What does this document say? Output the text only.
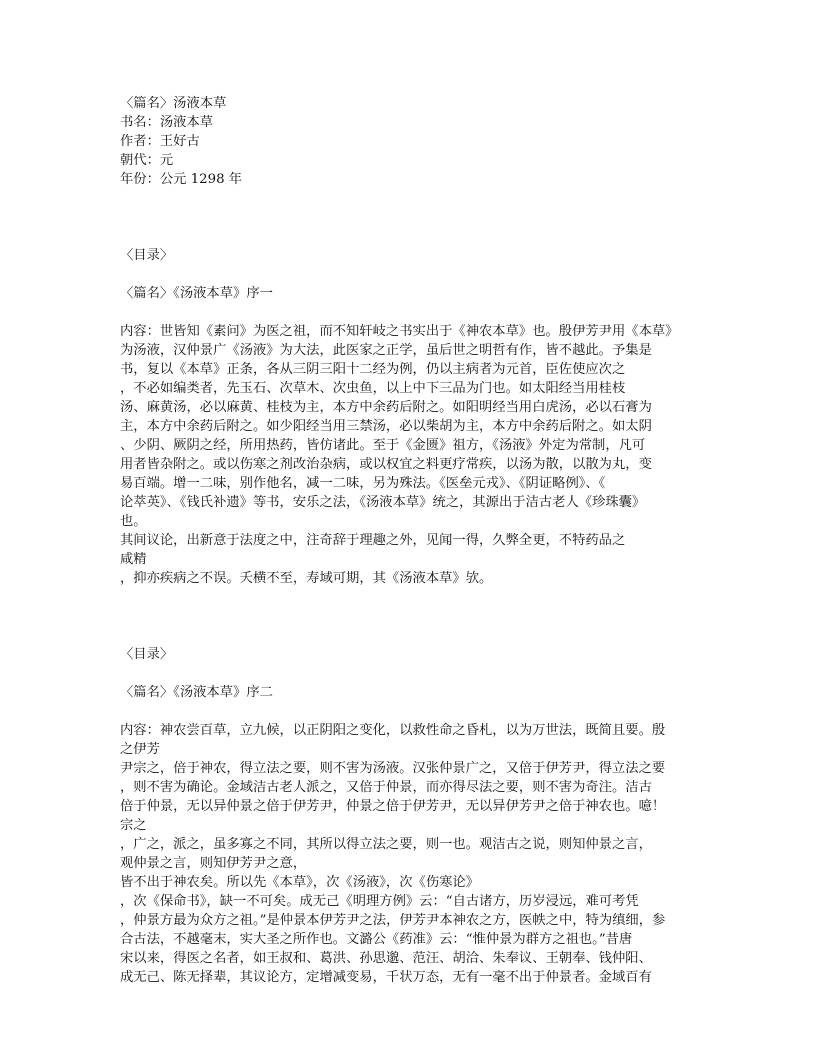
〈篇名〉汤液本草
书名：汤液本草
作者：王好古
朝代：元
年份：公元 1298 年
〈目录〉
〈篇名〉《汤液本草》序一
内容：世皆知《素问》为医之祖，而不知轩岐之书实出于《神农本草》也。殷伊芳尹用《本草》
为汤液，汉仲景广《汤液》为大法，此医家之正学，虽后世之明哲有作，皆不越此。予集是
书，复以《本草》正条，各从三阴三阳十二经为例，仍以主病者为元首，臣佐使应次之
，不必如编类者，先玉石、次草木、次虫鱼，以上中下三品为门也。如太阳经当用桂枝
汤、麻黄汤，必以麻黄、桂枝为主，本方中余药后附之。如阳明经当用白虎汤，必以石膏为
主，本方中余药后附之。如少阳经当用三禁汤，必以柴胡为主，本方中余药后附之。如太阴
、少阴、厥阴之经，所用热药，皆仿诸此。至于《金匮》祖方，《汤液》外定为常制，凡可
用者皆杂附之。或以伤寒之剂改治杂病，或以权宜之料更疗常疾，以汤为散，以散为丸，变
易百端。增一二味，别作他名，减一二味，另为殊法。《医垒元戎》、《阴证略例》、《
论萃英》、《钱氏补遗》等书，安乐之法，《汤液本草》统之，其源出于洁古老人《珍珠囊》
也。
其间议论，出新意于法度之中，注奇辞于理趣之外，见闻一得，久弊全更，不特药品之
咸精
，抑亦疾病之不误。夭横不至，寿域可期，其《汤液本草》欤。
〈目录〉
〈篇名〉《汤液本草》序二
内容：神农尝百草，立九候，以正阴阳之变化，以救性命之昏札，以为万世法，既简且要。殷
之伊芳
尹宗之，倍于神农，得立法之要，则不害为汤液。汉张仲景广之，又倍于伊芳尹，得立法之要
，则不害为确论。金域洁古老人派之，又倍于仲景，而亦得尽法之要，则不害为奇注。洁古
倍于仲景，无以异仲景之倍于伊芳尹，仲景之倍于伊芳尹，无以异伊芳尹之倍于神农也。噫！
宗之
，广之，派之，虽多寡之不同，其所以得立法之要，则一也。观洁古之说，则知仲景之言，
观仲景之言，则知伊芳尹之意，
皆不出于神农矣。所以先《本草》，次《汤液》，次《伤寒论》
，次《保命书》，缺一不可矣。成无己《明理方例》云：“自古诸方，历岁浸远，难可考凭
，仲景方最为众方之祖。”是仲景本伊芳尹之法，伊芳尹本神农之方，医帙之中，特为缜细，参
合古法，不越毫末，实大圣之所作也。文潞公《药准》云：“惟仲景为群方之祖也。”昔唐
宋以来，得医之名者，如王叔和、葛洪、孙思邈、范汪、胡洽、朱奉议、王朝奉、钱仲阳、
成无己、陈无择辈，其议论方，定增减变易，千状万态，无有一毫不出于仲景者。金域百有
